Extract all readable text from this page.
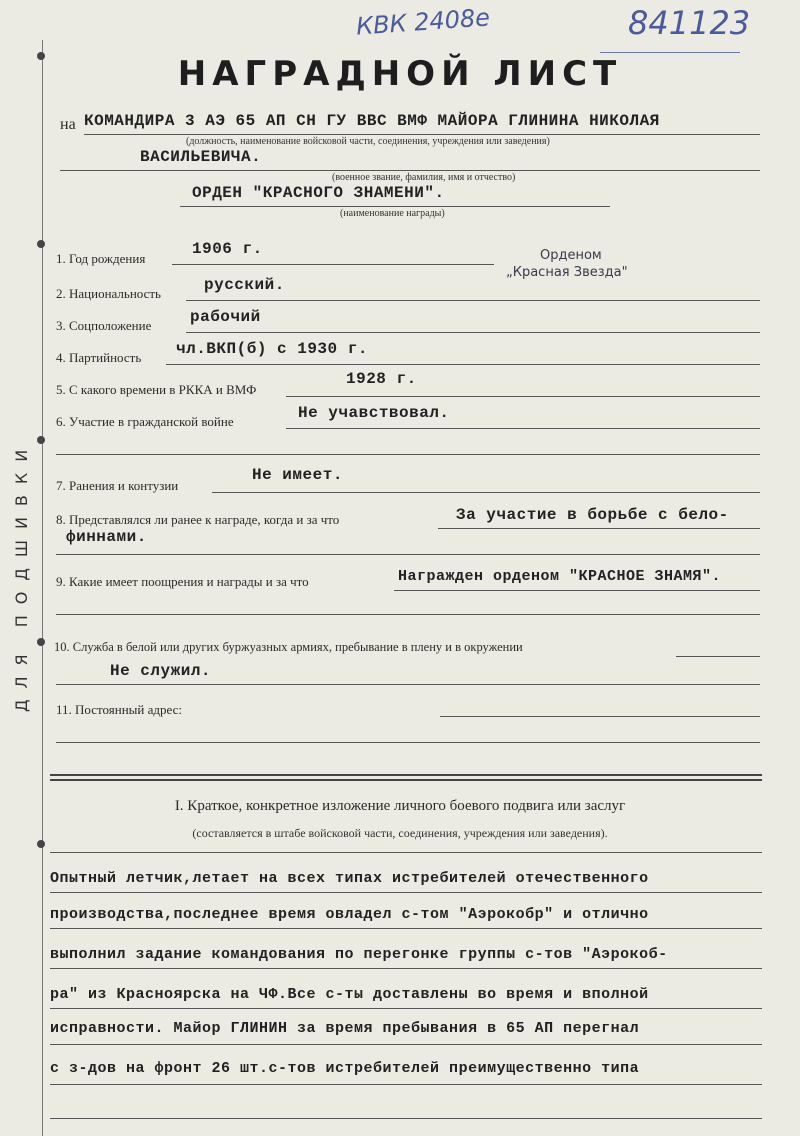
ДЛЯ ПОДШИВКИ
КВК 2408е	841123
НАГРАДНОЙ ЛИСТ
на КОМАНДИРА 3 АЭ 65 АП СН ГУ ВВС ВМФ МАЙОРА ГЛИНИНА НИКОЛАЯ
(должность, наименование войсковой части, соединения, учреждения или заведения)
ВАСИЛЬЕВИЧА.
(военное звание, фамилия, имя и отчество)
ОРДЕН "КРАСНОГО ЗНАМЕНИ".
(наименование награды)
Орденом
„Красная Звезда"
1. Год рождения
1906 г.
2. Национальность	русский.
3. Соцположение рабочий
4. Партийность чл.ВКП(б) с 1930 г.
5. С какого времени в РККА и ВМФ
1928 г.
6. Участие в гражданской войне	Не учавствовал.
7. Ранения и контузии
Не имеет.
8. Представлялся ли ранее к награде, когда и за что	За участие в борьбе с бело-
финнами.
9. Какие имеет поощрения и награды и за что	Награжден орденом "КРАСНОЕ ЗНАМЯ".
10. Служба в белой или других буржуазных армиях, пребывание в плену и в окружении
Не служил.
11. Постоянный адрес:
I. Краткое, конкретное изложение личного боевого подвига или заслуг
(составляется в штабе войсковой части, соединения, учреждения или заведения).
Опытный летчик,летает на всех типах истребителей отечественного
производства,последнее время овладел с-том "Аэрокобр" и отлично
выполнил задание командования по перегонке группы с-тов "Аэрокоб-
ра" из Красноярска на ЧФ.Все с-ты доставлены во время и вполной
исправности. Майор ГЛИНИН за время пребывания в 65 АП перегнал
с з-дов на фронт 26 шт.с-тов истребителей преимущественно типа
